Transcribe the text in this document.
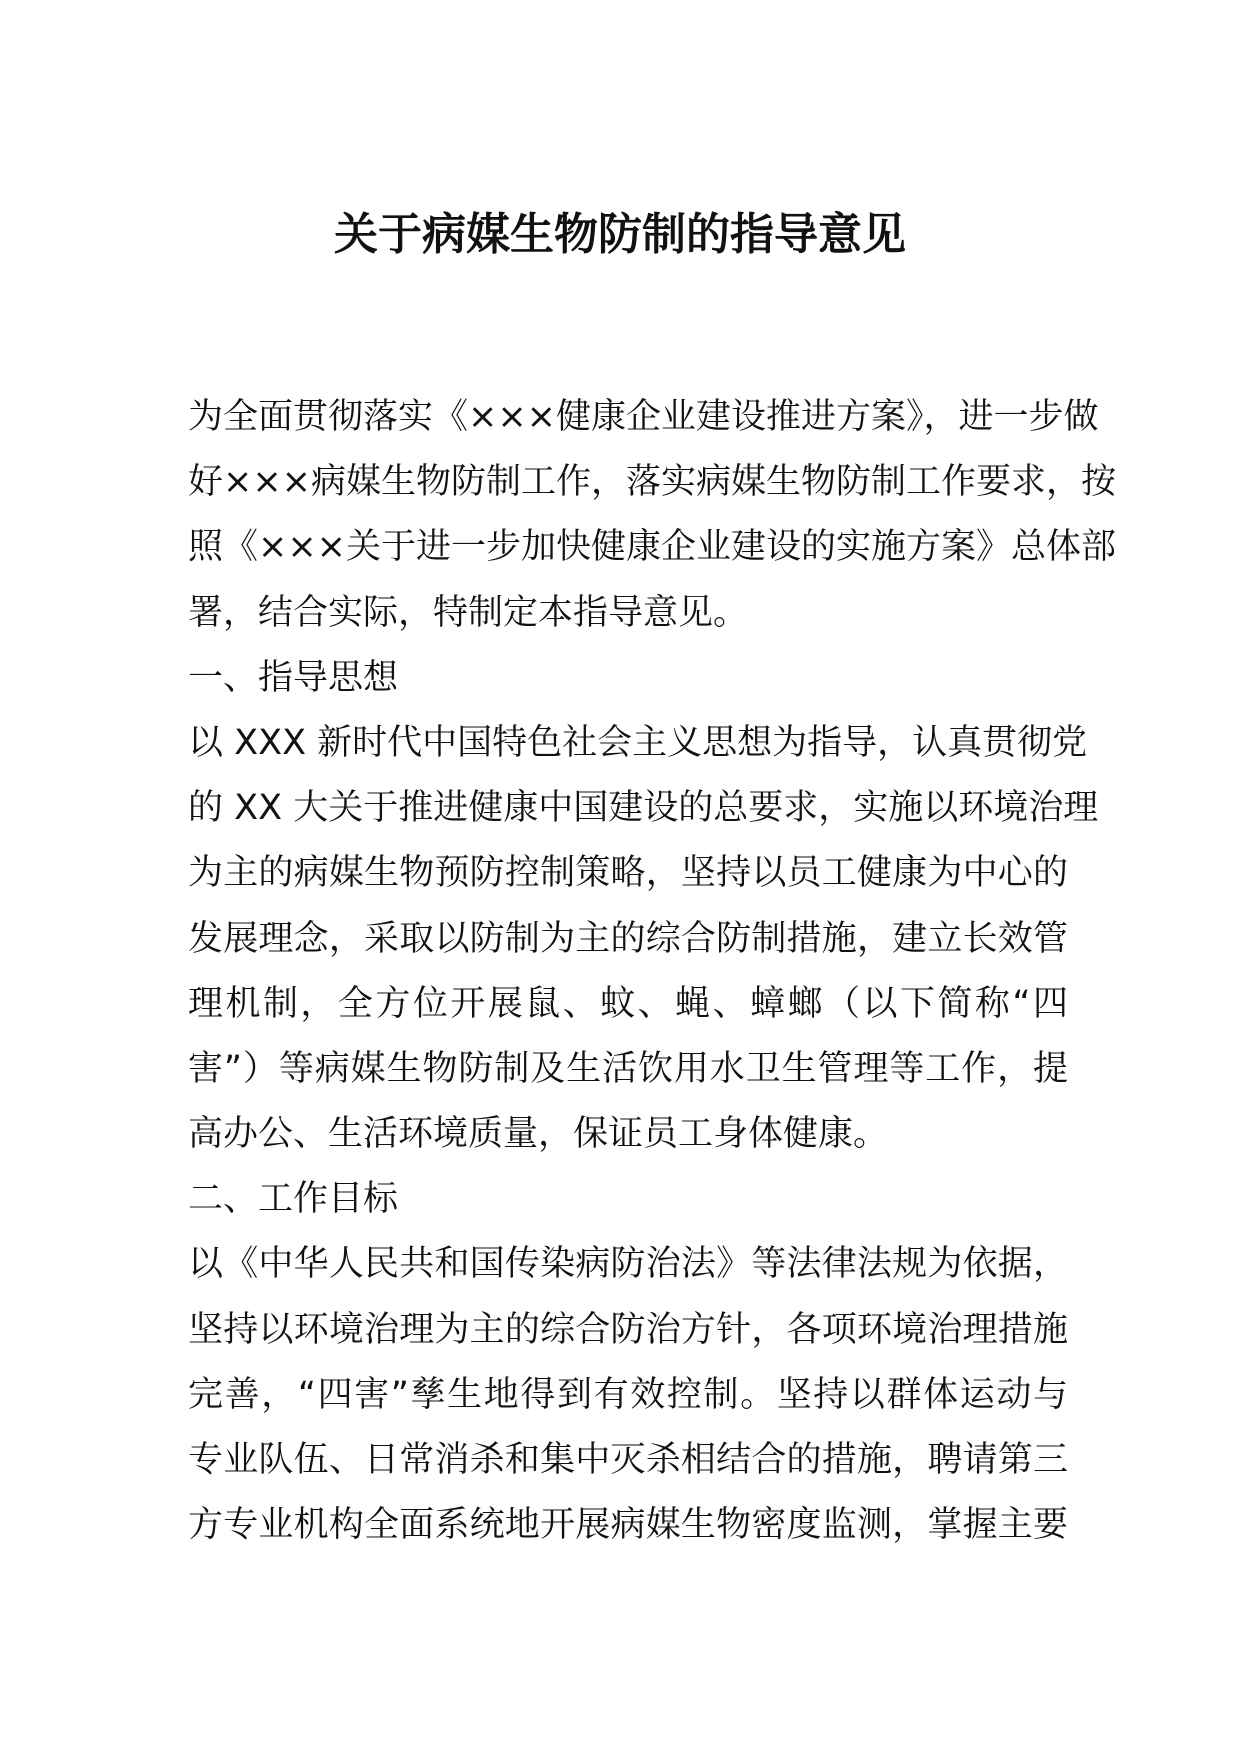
关于病媒生物防制的指导意见
为全面贯彻落实《×××健康企业建设推进方案》，进一步做
好×××病媒生物防制工作，落实病媒生物防制工作要求，按
照《×××关于进一步加快健康企业建设的实施方案》总体部
署，结合实际，特制定本指导意见。
一、指导思想
以 XXX 新时代中国特色社会主义思想为指导，认真贯彻党
的 XX 大关于推进健康中国建设的总要求，实施以环境治理
为主的病媒生物预防控制策略，坚持以员工健康为中心的
发展理念，采取以防制为主的综合防制措施，建立长效管
理机制，全方位开展鼠、蚊、蝇、蟑螂（以下简称“四
害”）等病媒生物防制及生活饮用水卫生管理等工作，提
高办公、生活环境质量，保证员工身体健康。
二、工作目标
以《中华人民共和国传染病防治法》等法律法规为依据，
坚持以环境治理为主的综合防治方针，各项环境治理措施
完善，“四害”孳生地得到有效控制。坚持以群体运动与
专业队伍、日常消杀和集中灭杀相结合的措施，聘请第三
方专业机构全面系统地开展病媒生物密度监测，掌握主要
